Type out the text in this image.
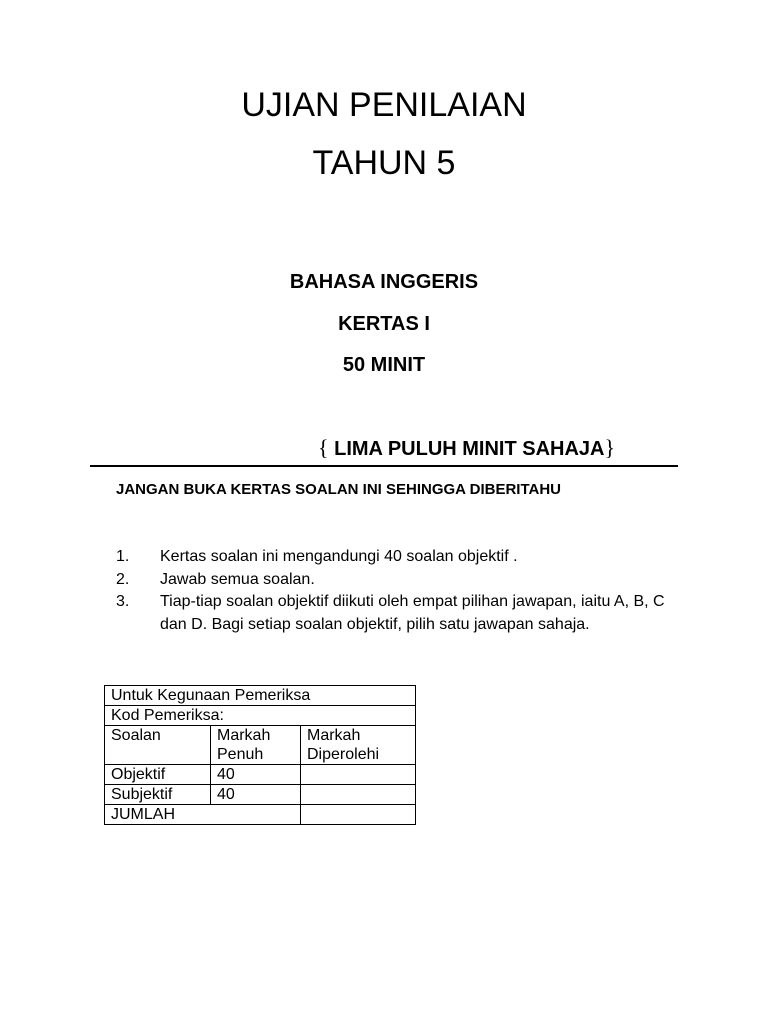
UJIAN PENILAIAN
TAHUN 5
BAHASA INGGERIS
KERTAS I
50 MINIT
{ LIMA PULUH MINIT SAHAJA}
JANGAN BUKA KERTAS SOALAN INI SEHINGGA DIBERITAHU
1. Kertas soalan ini mengandungi 40 soalan objektif .
2. Jawab semua soalan.
3. Tiap-tiap soalan objektif diikuti oleh empat pilihan jawapan, iaitu A, B, C dan D. Bagi setiap soalan objektif, pilih satu jawapan sahaja.
Untuk Kegunaan Pemeriksa		
Kod Pemeriksa:		
Soalan	Markah Penuh	Markah Diperolehi
Objektif	40	
Subjektif	40	
JUMLAH		
